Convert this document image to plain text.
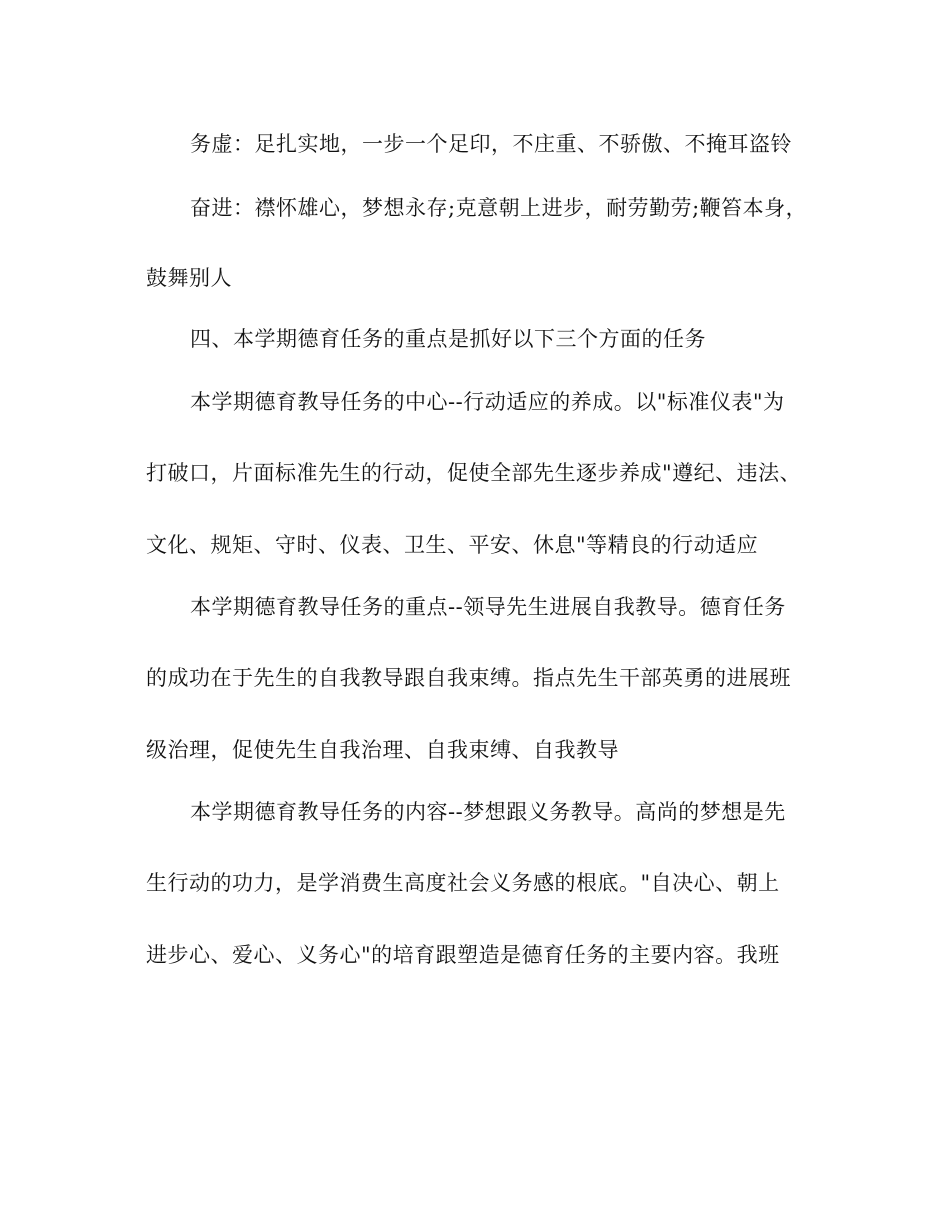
务虚：足扎实地，一步一个足印，不庄重、不骄傲、不掩耳盗铃

奋进：襟怀雄心，梦想永存;克意朝上进步，耐劳勤劳;鞭笞本身，

鼓舞别人

四、本学期德育任务的重点是抓好以下三个方面的任务

本学期德育教导任务的中心--行动适应的养成。以"标准仪表"为

打破口，片面标准先生的行动，促使全部先生逐步养成"遵纪、违法、

文化、规矩、守时、仪表、卫生、平安、休息"等精良的行动适应

本学期德育教导任务的重点--领导先生进展自我教导。德育任务

的成功在于先生的自我教导跟自我束缚。指点先生干部英勇的进展班

级治理，促使先生自我治理、自我束缚、自我教导

本学期德育教导任务的内容--梦想跟义务教导。高尚的梦想是先

生行动的功力，是学消费生高度社会义务感的根底。"自决心、朝上

进步心、爱心、义务心"的培育跟塑造是德育任务的主要内容。我班
